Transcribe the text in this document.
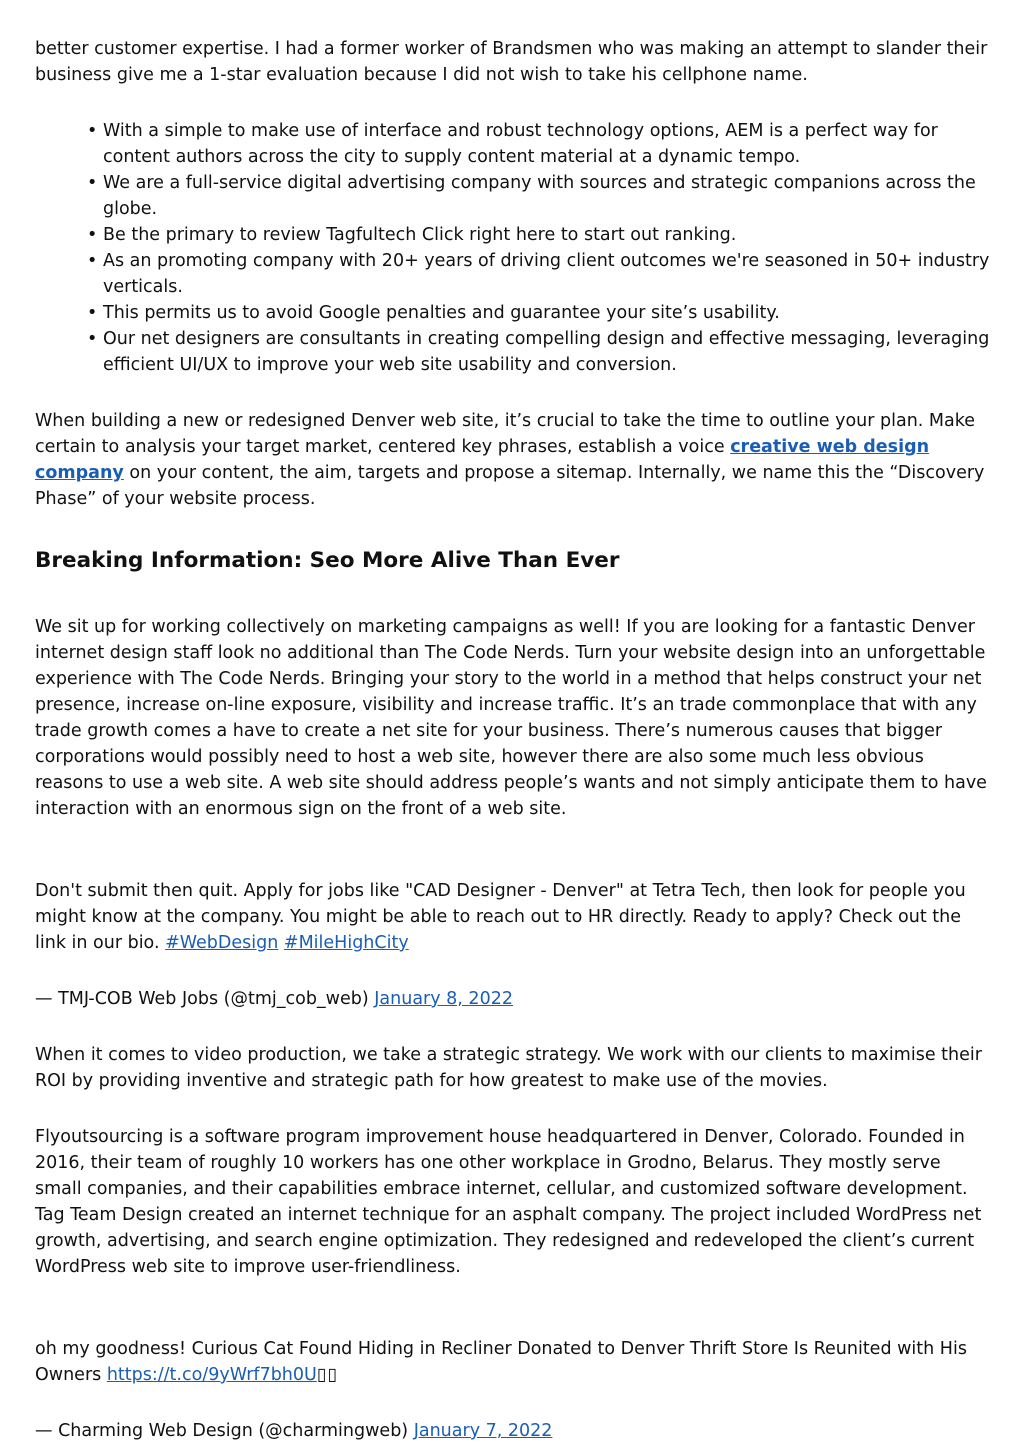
better customer expertise. I had a former worker of Brandsmen who was making an attempt to slander their business give me a 1-star evaluation because I did not wish to take his cellphone name.

• With a simple to make use of interface and robust technology options, AEM is a perfect way for content authors across the city to supply content material at a dynamic tempo.
• We are a full-service digital advertising company with sources and strategic companions across the globe.
• Be the primary to review Tagfultech Click right here to start out ranking.
• As an promoting company with 20+ years of driving client outcomes we're seasoned in 50+ industry verticals.
• This permits us to avoid Google penalties and guarantee your site’s usability.
• Our net designers are consultants in creating compelling design and effective messaging, leveraging efficient UI/UX to improve your web site usability and conversion.

When building a new or redesigned Denver web site, it’s crucial to take the time to outline your plan. Make certain to analysis your target market, centered key phrases, establish a voice creative web design company on your content, the aim, targets and propose a sitemap. Internally, we name this the “Discovery Phase” of your website process.

Breaking Information: Seo More Alive Than Ever

We sit up for working collectively on marketing campaigns as well! If you are looking for a fantastic Denver internet design staff look no additional than The Code Nerds. Turn your website design into an unforgettable experience with The Code Nerds. Bringing your story to the world in a method that helps construct your net presence, increase on-line exposure, visibility and increase traffic. It’s an trade commonplace that with any trade growth comes a have to create a net site for your business. There’s numerous causes that bigger corporations would possibly need to host a web site, however there are also some much less obvious reasons to use a web site. A web site should address people’s wants and not simply anticipate them to have interaction with an enormous sign on the front of a web site.

Don't submit then quit. Apply for jobs like "CAD Designer - Denver" at Tetra Tech, then look for people you might know at the company. You might be able to reach out to HR directly. Ready to apply? Check out the link in our bio. #WebDesign #MileHighCity

— TMJ-COB Web Jobs (@tmj_cob_web) January 8, 2022

When it comes to video production, we take a strategic strategy. We work with our clients to maximise their ROI by providing inventive and strategic path for how greatest to make use of the movies.

Flyoutsourcing is a software program improvement house headquartered in Denver, Colorado. Founded in 2016, their team of roughly 10 workers has one other workplace in Grodno, Belarus. They mostly serve small companies, and their capabilities embrace internet, cellular, and customized software development. Tag Team Design created an internet technique for an asphalt company. The project included WordPress net growth, advertising, and search engine optimization. They redesigned and redeveloped the client’s current WordPress web site to improve user-friendliness.

oh my goodness! Curious Cat Found Hiding in Recliner Donated to Denver Thrift Store Is Reunited with His Owners https://t.co/9yWrf7bh0U▯▯

— Charming Web Design (@charmingweb) January 7, 2022
